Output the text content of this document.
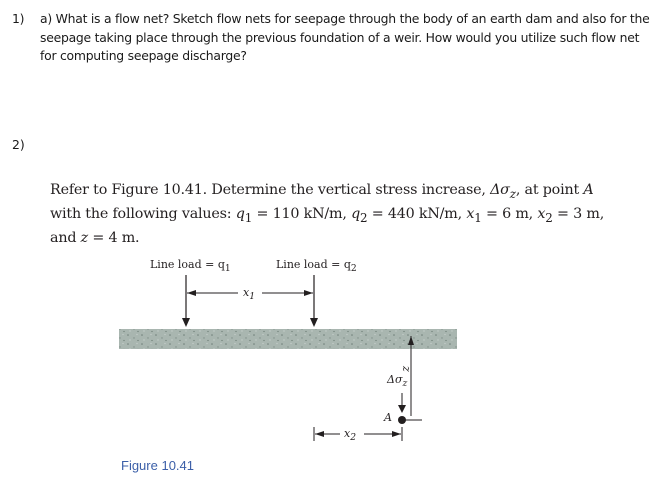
1) a) What is a flow net? Sketch flow nets for seepage through the body of an earth dam and also for the seepage taking place through the previous foundation of a weir. How would you utilize such flow net for computing seepage discharge?
2)
Refer to Figure 10.41. Determine the vertical stress increase, $\Delta\sigma_z$, at point A with the following values: $q_1 = 110$ kN/m, $q_2 = 440$ kN/m, $x_1 = 6$ m, $x_2 = 3$ m, and z = 4 m.
Line load = $q_1$	Line load = $q_2$
$x_1$
z
$\Delta\sigma_z$
A
$x_2$
Figure 10.41
